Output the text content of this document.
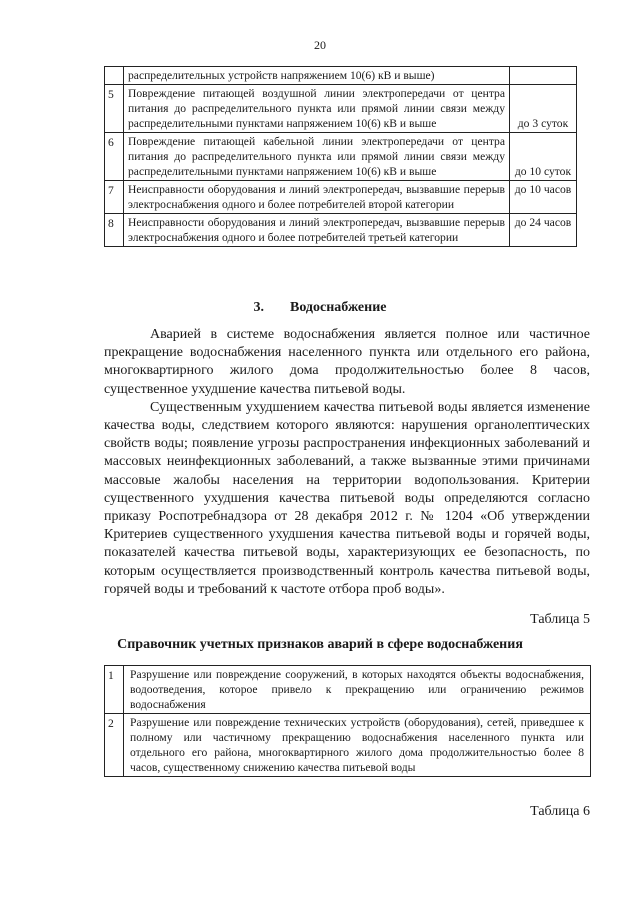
20
	распределительных устройств напряжением 10(6) кВ и выше)	
5	Повреждение питающей воздушной линии электропередачи от центра питания до распределительного пункта или прямой линии связи между распределительными пунктами напряжением 10(6) кВ и выше	до 3 суток
6	Повреждение питающей кабельной линии электропередачи от центра питания до распределительного пункта или прямой линии связи между распределительными пунктами напряжением 10(6) кВ и выше	до 10 суток
7	Неисправности оборудования и линий электропередач, вызвавшие перерыв электроснабжения одного и более потребителей второй категории	до 10 часов
8	Неисправности оборудования и линий электропередач, вызвавшие перерыв электроснабжения одного и более потребителей третьей категории	до 24 часов
3. Водоснабжение

Аварией в системе водоснабжения является полное или частичное прекращение водоснабжения населенного пункта или отдельного его района, многоквартирного жилого дома продолжительностью более 8 часов, существенное ухудшение качества питьевой воды.

Существенным ухудшением качества питьевой воды является изменение качества воды, следствием которого являются: нарушения органолептических свойств воды; появление угрозы распространения инфекционных заболеваний и массовых неинфекционных заболеваний, а также вызванные этими причинами массовые жалобы населения на территории водопользования. Критерии существенного ухудшения качества питьевой воды определяются согласно приказу Роспотребнадзора от 28 декабря 2012 г. № 1204 «Об утверждении Критериев существенного ухудшения качества питьевой воды и горячей воды, показателей качества питьевой воды, характеризующих ее безопасность, по которым осуществляется производственный контроль качества питьевой воды, горячей воды и требований к частоте отбора проб воды».

Таблица 5
Справочник учетных признаков аварий в сфере водоснабжения
1	Разрушение или повреждение сооружений, в которых находятся объекты водоснабжения, водоотведения, которое привело к прекращению или ограничению режимов водоснабжения
2	Разрушение или повреждение технических устройств (оборудования), сетей, приведшее к полному или частичному прекращению водоснабжения населенного пункта или отдельного его района, многоквартирного жилого дома продолжительностью более 8 часов, существенному снижению качества питьевой воды
Таблица 6
